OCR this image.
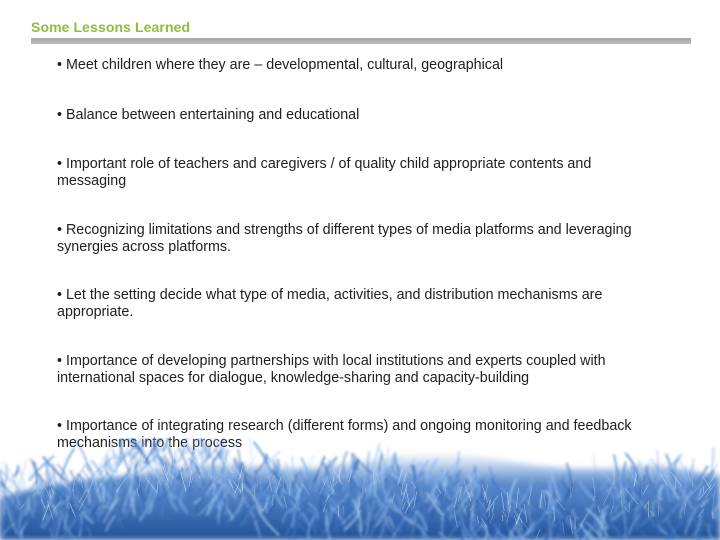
Some Lessons Learned
• Meet children where they are – developmental, cultural, geographical
• Balance between entertaining and educational
• Important role of teachers and caregivers / of quality child appropriate contents and
messaging
• Recognizing limitations and strengths of different types of media platforms and leveraging
synergies across platforms.
• Let the setting decide what type of media, activities, and distribution mechanisms are
appropriate.
• Importance of developing partnerships with local institutions and experts coupled with
international spaces for dialogue, knowledge-sharing and capacity-building
• Importance of integrating research (different forms) and ongoing monitoring and feedback
mechanisms into the process
18
